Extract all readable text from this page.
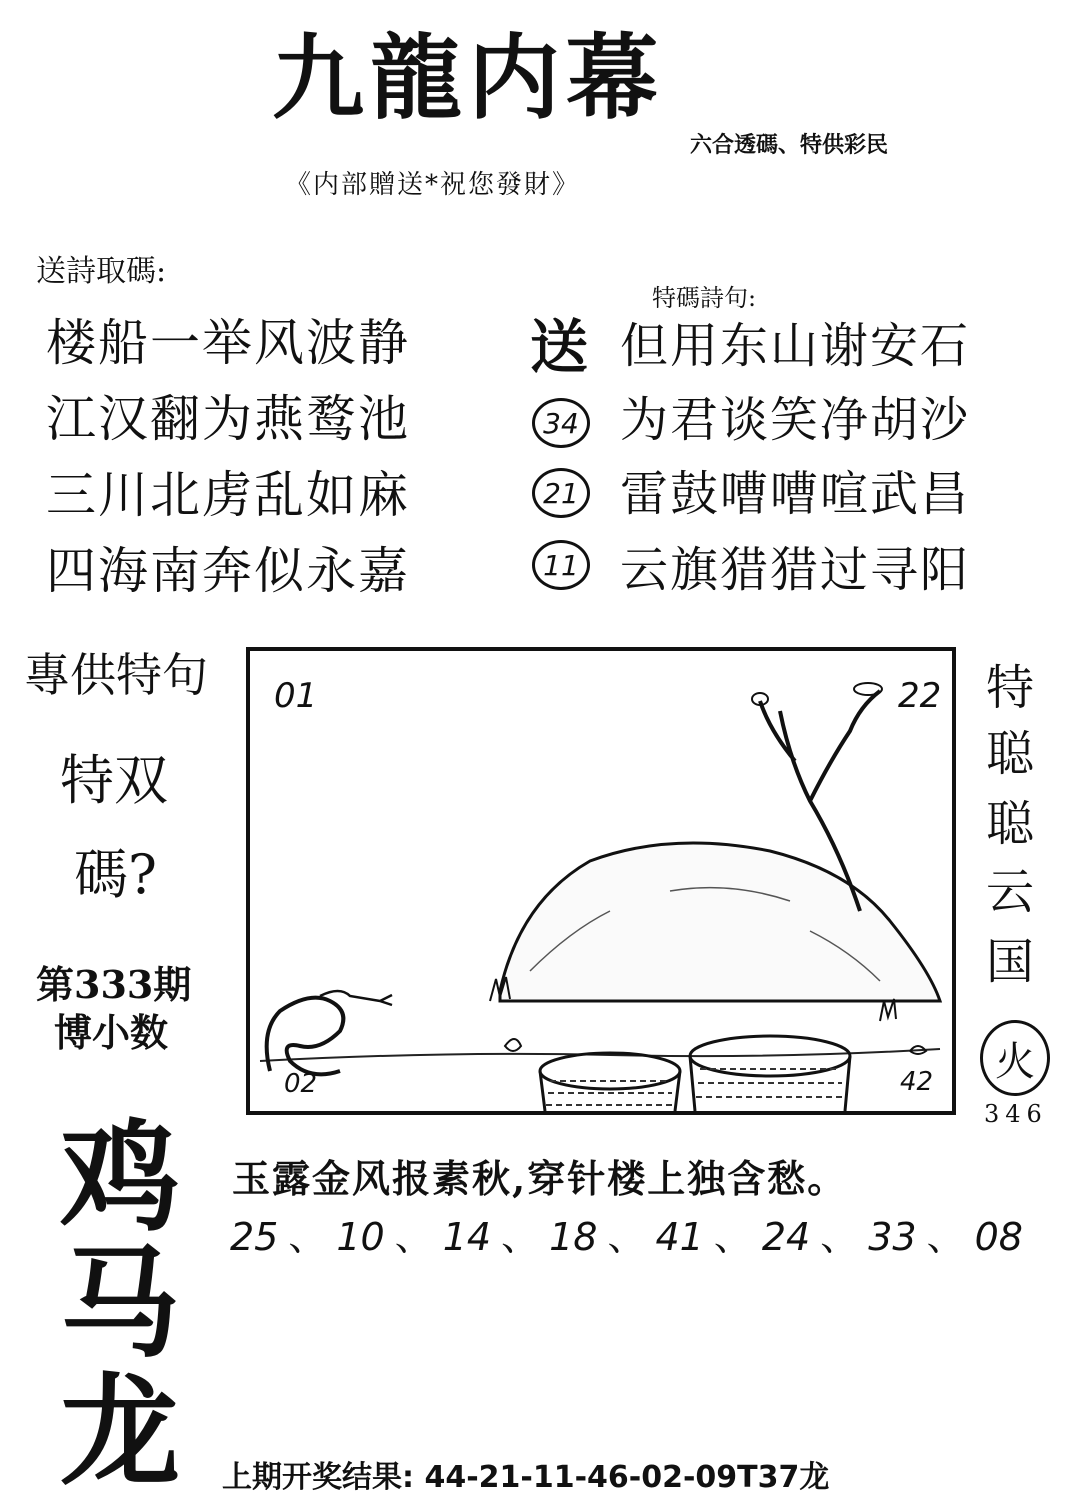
九龍内幕
六合透碼、特供彩民
《内部贈送*祝您發財》
送詩取碼:
楼船一举风波静
江汉翻为燕鹜池
三川北虏乱如麻
四海南奔似永嘉
特碼詩句:
送
34
21
11
但用东山谢安石
为君谈笑净胡沙
雷鼓嘈嘈喧武昌
云旗猎猎过寻阳
專供特句
特双
碼?
第333期
博小数
鸡
马
龙
01	22
02	42
特
聪
聪
云
国
火
346
玉露金风报素秋,穿针楼上独含愁。
25 、 10 、 14 、 18 、 41 、 24 、 33 、 08
上期开奖结果: 44-21-11-46-02-09T37龙
